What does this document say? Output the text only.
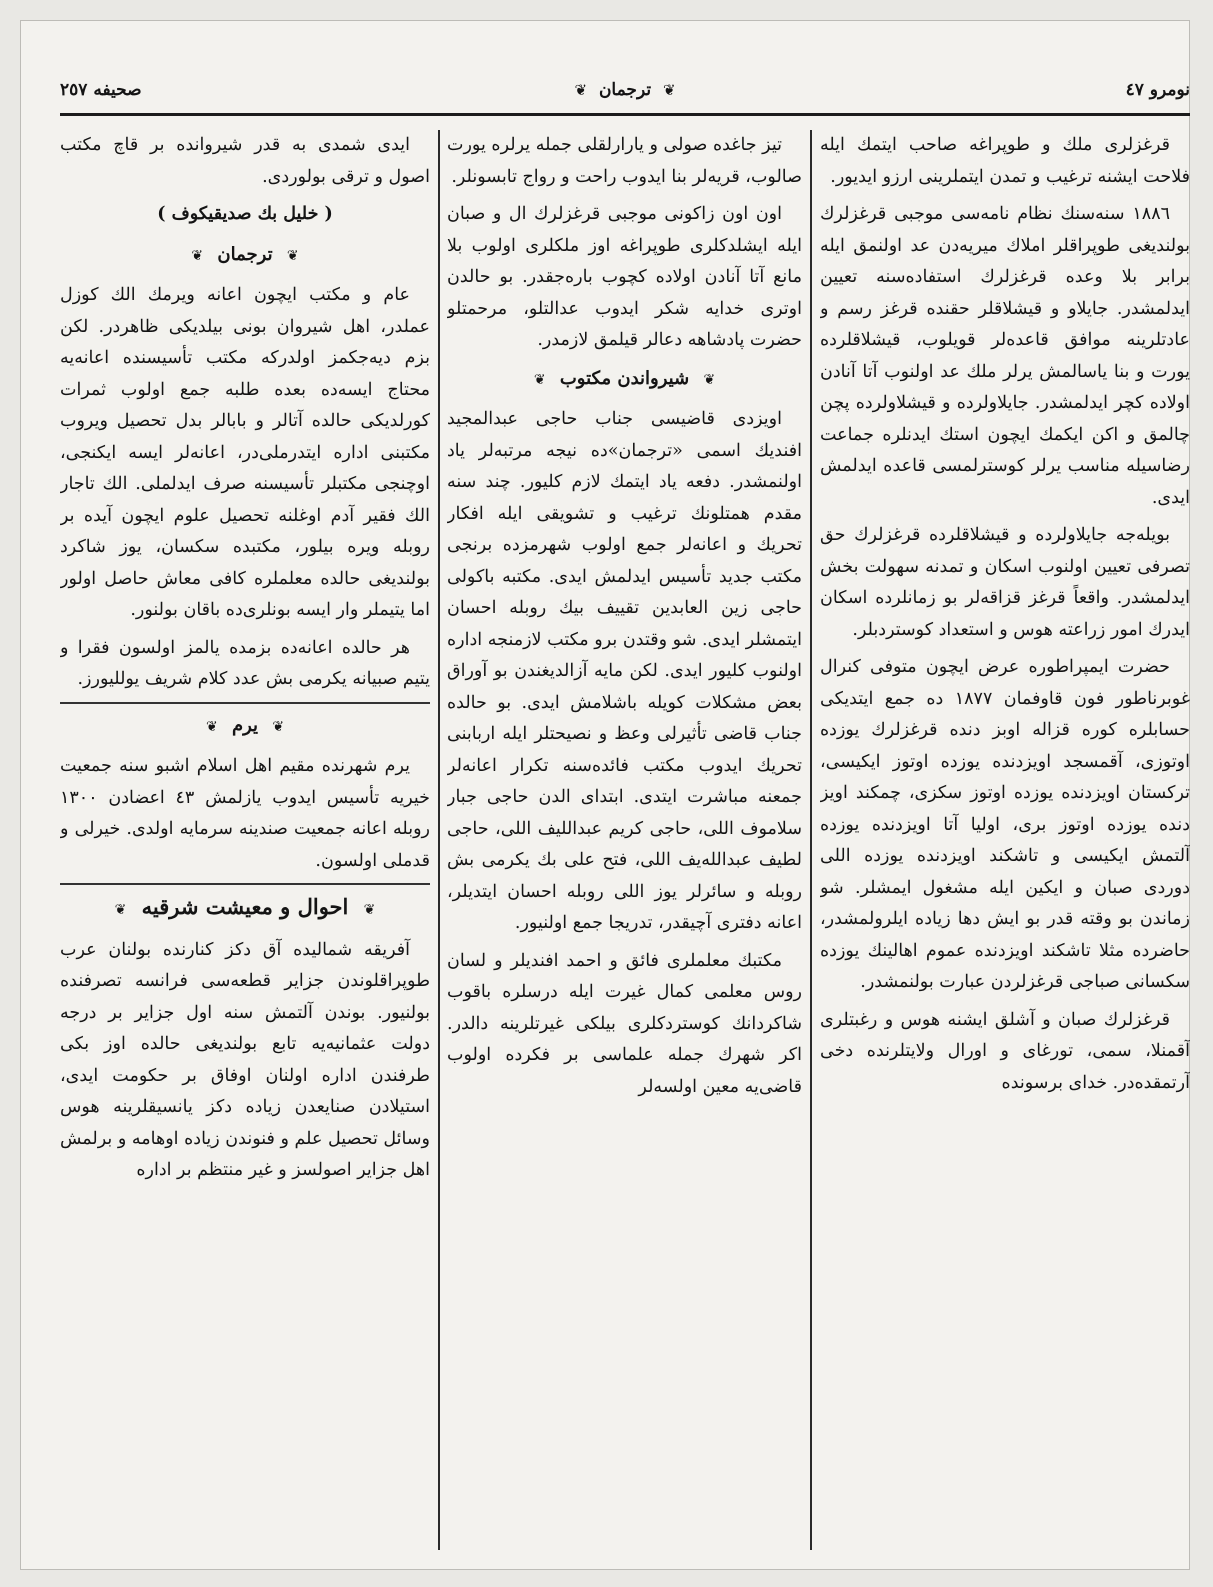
نومرو ٤٧
❦ ترجمان ❦
صحيفه ٢٥٧

قرغزلرى ملك و طوپراغه صاحب ايتمك ايله فلاحت ايشنه ترغيب و تمدن ايتملرينى ارزو ايديور.

١٨٨٦ سنه‌سنك نظام نامه‌سى موجبى قرغزلرك بولنديغى طوپراقلر املاك ميريه‌دن عد اولنمق ايله برابر بلا وعده قرغزلرك استفاده‌سنه تعيين ايدلمشدر. جايلاو و قيشلاقلر حقنده قرغز رسم و عادتلرينه موافق قاعده‌لر قويلوب، قيشلاقلرده يورت و بنا ياسالمش يرلر ملك عد اولنوب آتا آنادن اولاده كچر ايدلمشدر. جايلاولرده و قيشلاولرده پچن چالمق و اكن ايكمك ايچون استك ايدنلره جماعت رضاسيله مناسب يرلر كوسترلمسى قاعده ايدلمش ايدى.

بويله‌جه جايلاولرده و قيشلاقلرده قرغزلرك حق تصرفى تعيين اولنوب اسكان و تمدنه سهولت بخش ايدلمشدر. واقعاً قرغز قزاقه‌لر بو زمانلرده اسكان ايدرك امور زراعته هوس و استعداد كوستردبلر.

حضرت ايمپراطوره عرض ايچون متوفى كنرال غوبرناطور فون قاوفمان ١٨٧٧ ده جمع ايتديكى حسابلره كوره قزاله اوبز دنده قرغزلرك يوزده اوتوزى، آقمسجد اويزدنده يوزده اوتوز ايكيسى، تركستان اويزدنده يوزده اوتوز سكزى، چمكند اويز دنده يوزده اوتوز برى، اوليا آتا اويزدنده يوزده آلتمش ايكيسى و تاشكند اويزدنده يوزده اللى دوردى صبان و ايكين ايله مشغول ايمشلر. شو زماندن بو وقته قدر بو ايش دها زياده ايلرولمشدر، حاضرده مثلا تاشكند اويزدنده عموم اهالينك يوزده سكسانى صباجى قرغزلردن عبارت بولنمشدر.

قرغزلرك صبان و آشلق ايشنه هوس و رغبتلرى آقمنلا، سمى، تورغاى و اورال ولايتلرنده دخى آرتمقده‌در. خداى برسونده

تيز جاغده صولى و يارارلقلى جمله يرلره يورت صالوب، قريه‌لر بنا ايدوب راحت و رواج تابسونلر.

اون اون زاكونى موجبى قرغزلرك ال و صبان ايله ايشلدكلرى طوپراغه اوز ملكلرى اولوب بلا مانع آتا آنادن اولاده كچوب باره‌جقدر. بو حالدن اوترى خدايه شكر ايدوب عدالتلو، مرحمتلو حضرت پادشاهه دعالر قيلمق لازمدر.

❦ شيرواندن مكتوب ❦

اويزدى قاضيسى جناب حاجى عبدالمجيد افنديك اسمى «ترجمان»ده نيجه مرتبه‌لر ياد اولنمشدر. دفعه ياد ايتمك لازم كليور. چند سنه مقدم همتلونك ترغيب و تشويقى ايله افكار تحريك و اعانه‌لر جمع اولوب شهرمزده برنجى مكتب جديد تأسيس ايدلمش ايدى. مكتبه باكولى حاجى زين العابدين تقييف بيك روبله احسان ايتمشلر ايدى. شو وقتدن برو مكتب لازمنجه اداره اولنوب كليور ايدى. لكن مايه آزالديغندن بو آوراق بعض مشكلات كويله باشلامش ايدى. بو حالده جناب قاضى تأثيرلى وعظ و نصيحتلر ايله اربابنى تحريك ايدوب مكتب فائده‌سنه تكرار اعانه‌لر جمعنه مباشرت ايتدى. ابتداى الدن حاجى جبار سلاموف اللى، حاجى كريم عبدالليف اللى، حاجى لطيف عبدالله‌يف اللى، فتح على بك يكرمى بش روبله و سائرلر يوز اللى روبله احسان ايتديلر، اعانه دفترى آچيقدر، تدريجا جمع اولنيور.

مكتبك معلملرى فائق و احمد افنديلر و لسان روس معلمى كمال غيرت ايله درسلره باقوب شاكردانك كوستردكلرى بيلكى غيرتلرينه دالدر. اكر شهرك جمله علماسى بر فكرده اولوب قاضى‌يه معين اولسه‌لر

ايدى شمدى به قدر شيروانده بر قاچ مكتب اصول و ترقى بولوردى.

( خليل بك صديقيكوف )
❦ ترجمان ❦

عام و مكتب ايچون اعانه ويرمك الك كوزل عملدر، اهل شيروان بونى بيلديكى ظاهردر. لكن بزم ديه‌جكمز اولدركه مكتب تأسيسنده اعانه‌يه محتاج ايسه‌ده بعده طلبه جمع اولوب ثمرات كورلديكى حالده آتالر و بابالر بدل تحصيل ويروب مكتبنى اداره ايتدرملى‌در، اعانه‌لر ايسه ايكنجى، اوچنجى مكتبلر تأسيسنه صرف ايدلملى. الك تاجار الك فقير آدم اوغلنه تحصيل علوم ايچون آيده بر روبله ويره بيلور، مكتبده سكسان، يوز شاكرد بولنديغى حالده معلملره كافى معاش حاصل اولور اما يتيملر وار ايسه بونلرى‌ده باقان بولنور.

هر حالده اعانه‌ده بزمده يالمز اولسون فقرا و يتيم صبيانه يكرمى بش عدد كلام شريف يولليورز.

❦ يرم ❦

يرم شهرنده مقيم اهل اسلام اشبو سنه جمعيت خيريه تأسيس ايدوب يازلمش ٤٣ اعضادن ١٣٠٠ روبله اعانه جمعيت صندينه سرمايه اولدى. خيرلى و قدملى اولسون.

❦ احوال و معيشت شرقيه ❦

آفريقه شماليده آق دكز كنارنده بولنان عرب طوپراقلوندن جزاير قطعه‌سى فرانسه تصرفنده بولنيور. بوندن آلتمش سنه اول جزاير بر درجه دولت عثمانيه‌يه تابع بولنديغى حالده اوز بكى طرفندن اداره اولنان اوفاق بر حكومت ايدى، استيلادن صنايعدن زياده دكز يانسيقلرينه هوس وسائل تحصيل علم و فنوندن زياده اوهامه و برلمش اهل جزاير اصولسز و غير منتظم بر اداره
